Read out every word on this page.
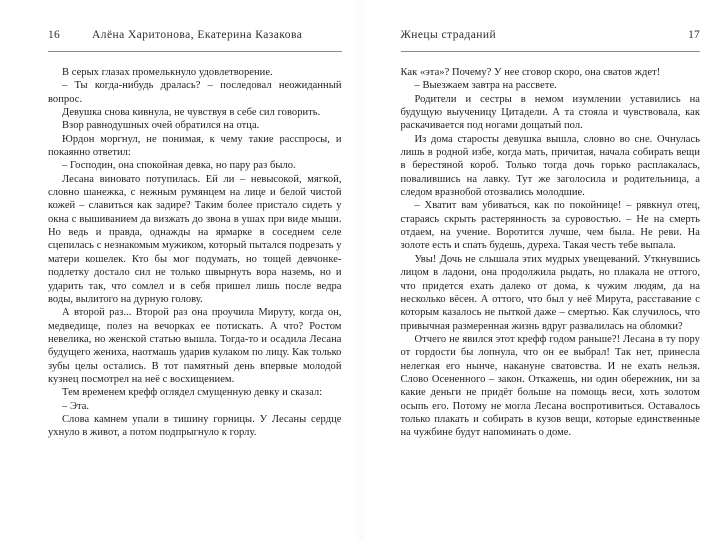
16	Алёна Харитонова, Екатерина Казакова

В серых глазах промелькнуло удовлетворение.

– Ты когда-нибудь дралась? – последовал неожиданный вопрос.

Девушка снова кивнула, не чувствуя в себе сил говорить.

Взор равнодушных очей обратился на отца.

Юрдон моргнул, не понимая, к чему такие расспросы, и покаянно ответил:

– Господин, она спокойная девка, но пару раз было.

Лесана виновато потупилась. Ей ли – невысокой, мягкой, словно шанежка, с нежным румянцем на лице и белой чистой кожей – славиться как задире? Таким более пристало сидеть у окна с вышиванием да визжать до звона в ушах при виде мыши. Но ведь и правда, однажды на ярмарке в соседнем селе сцепилась с незнакомым мужиком, который пытался подрезать у матери кошелек. Кто бы мог подумать, но тощей девчонке-подлетку достало сил не только швырнуть вора наземь, но и ударить так, что сомлел и в себя пришел лишь после ведра воды, вылитого на дурную голову.

А второй раз... Второй раз она проучила Мируту, когда он, медведище, полез на вечорках ее потискать. А что? Ростом невелика, но женской статью вышла. Тогда-то и осадила Лесана будущего жениха, наотмашь ударив кулаком по лицу. Как только зубы целы остались. В тот памятный день впервые молодой кузнец посмотрел на неё с восхищением.

Тем временем крефф оглядел смущенную девку и сказал:

– Эта.

Слова камнем упали в тишину горницы. У Лесаны сердце ухнуло в живот, а потом подпрыгнуло к горлу.

Жнецы страданий	17

Как «эта»? Почему? У нее сговор скоро, она сватов ждет!

– Выезжаем завтра на рассвете.

Родители и сестры в немом изумлении уставились на будущую выученицу Цитадели. А та стояла и чувствовала, как раскачивается под ногами дощатый пол.

Из дома старосты девушка вышла, словно во сне. Очнулась лишь в родной избе, когда мать, причитая, начала собирать вещи в берестяной короб. Только тогда дочь горько расплакалась, повалившись на лавку. Тут же заголосила и родительница, а следом вразнобой отозвались молодшие.

– Хватит вам убиваться, как по покойнице! – рявкнул отец, стараясь скрыть растерянность за суровостью. – Не на смерть отдаем, на учение. Воротится лучше, чем была. Не реви. На золоте есть и спать будешь, дуреха. Такая честь тебе выпала.

Увы! Дочь не слышала этих мудрых увещеваний. Уткнувшись лицом в ладони, она продолжила рыдать, но плакала не оттого, что придется ехать далеко от дома, к чужим людям, да на несколько вёсен. А оттого, что был у неё Мирута, расставание с которым казалось не пыткой даже – смертью. Как случилось, что привычная размеренная жизнь вдруг развалилась на обломки?

Отчего не явился этот крефф годом раньше?! Лесана в ту пору от гордости бы лопнула, что он ее выбрал! Так нет, принесла нелегкая его нынче, накануне сватовства. И не ехать нельзя. Слово Осененного – закон. Откажешь, ни один обережник, ни за какие деньги не придёт больше на помощь веси, хоть золотом осыпь его. Потому не могла Лесана воспротивиться. Оставалось только плакать и собирать в кузов вещи, которые единственные на чужбине будут напоминать о доме.
